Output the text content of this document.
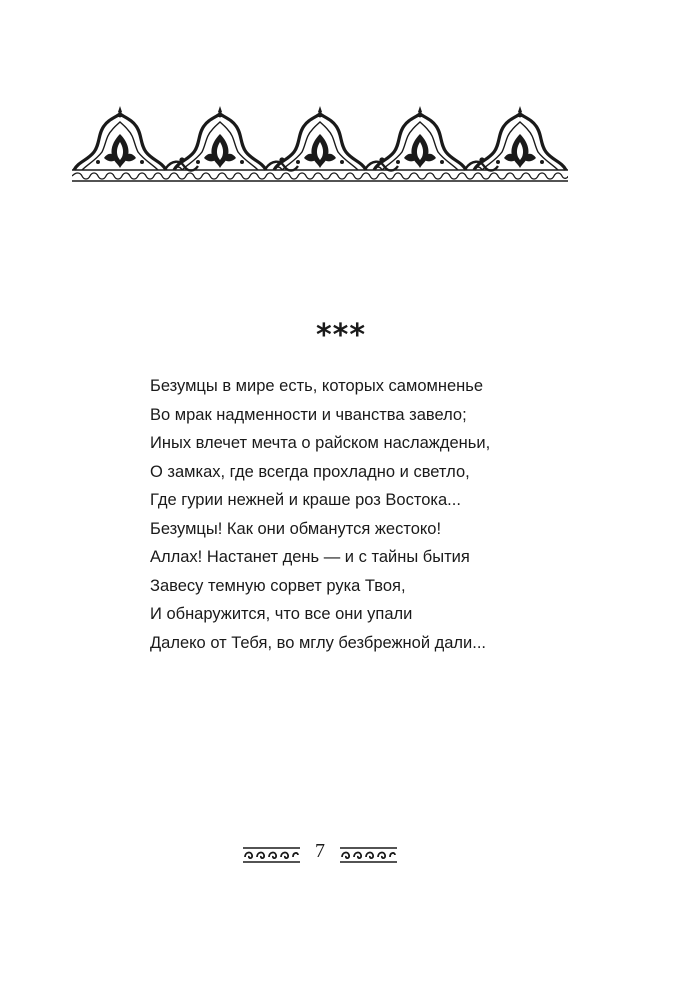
***
Безумцы в мире есть, которых самомненье
Во мрак надменности и чванства завело;
Иных влечет мечта о райском наслажденьи,
О замках, где всегда прохладно и светло,
Где гурии нежней и краше роз Востока...
Безумцы! Как они обманутся жестоко!
Аллах! Настанет день — и с тайны бытия
Завесу темную сорвет рука Твоя,
И обнаружится, что все они упали
Далеко от Тебя, во мглу безбрежной дали...
7
